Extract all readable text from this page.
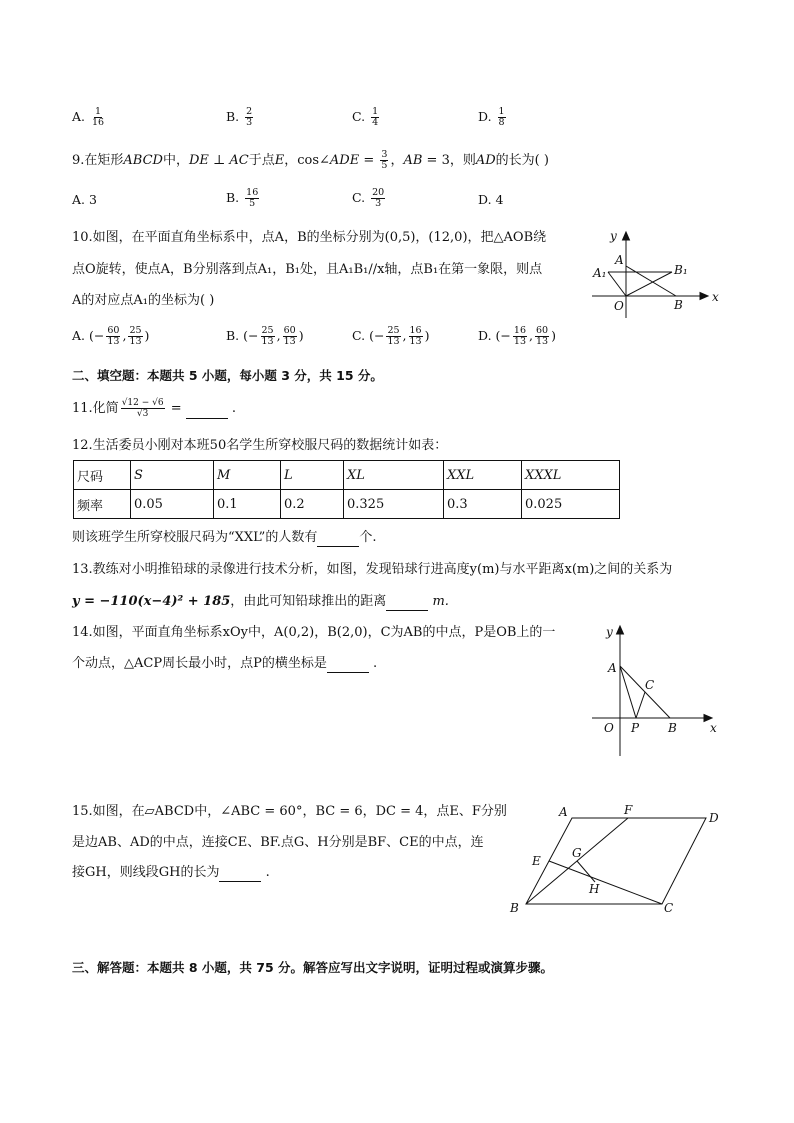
A. $\frac{1}{16}$	B. $\frac{2}{3}$	C. $\frac{1}{4}$	D. $\frac{1}{8}$
9.在矩形ABCD中，DE ⊥ AC于点E，cos∠ADE = $\frac{3}{5}$ ，AB = 3，则AD的长为( )
A. 3	B. $\frac{16}{5}$	C. $\frac{20}{3}$	D. 4
10.如图，在平面直角坐标系中，点A，B的坐标分别为(0,5)，(12,0)，把△AOB绕
点O旋转，使点A，B分别落到点A₁，B₁处，且A₁B₁//x轴，点B₁在第一象限，则点
A的对应点A₁的坐标为( )
A. (− $\frac{60}{13}$ , $\frac{25}{13}$ )	B. (− $\frac{25}{13}$ , $\frac{60}{13}$ )	C. (− $\frac{25}{13}$ , $\frac{16}{13}$ )	D. (− $\frac{16}{13}$ , $\frac{60}{13}$ )
y
x
A
A₁	B₁
O	B
二、填空题：本题共 5 小题，每小题 3 分，共 15 分。
11.化简 $\frac{√12 - √6}{√3}$ =	.
12.生活委员小刚对本班50名学生所穿校服尺码的数据统计如表：
尺码	S	M	L	XL	XXL	XXXL
频率	0.05	0.1	0.2	0.325	0.3	0.025
则该班学生所穿校服尺码为“XXL”的人数有	个.
13.教练对小明推铅球的录像进行技术分析，如图，发现铅球行进高度y(m)与水平距离x(m)之间的关系为
y = −110(x−4)² + 185，由此可知铅球推出的距离	m.
14.如图，平面直角坐标系xOy中，A(0,2)，B(2,0)，C为AB的中点，P是OB上的一
个动点，△ACP周长最小时，点P的横坐标是	.
y
x
A
C
O P B
15.如图，在▱ABCD中，∠ABC = 60°，BC = 6，DC = 4，点E、F分别
是边AB、AD的中点，连接CE、BF.点G、H分别是BF、CE的中点，连
接GH，则线段GH的长为	.
A	F
D
E
G
H
B	C
三、解答题：本题共 8 小题，共 75 分。解答应写出文字说明，证明过程或演算步骤。
